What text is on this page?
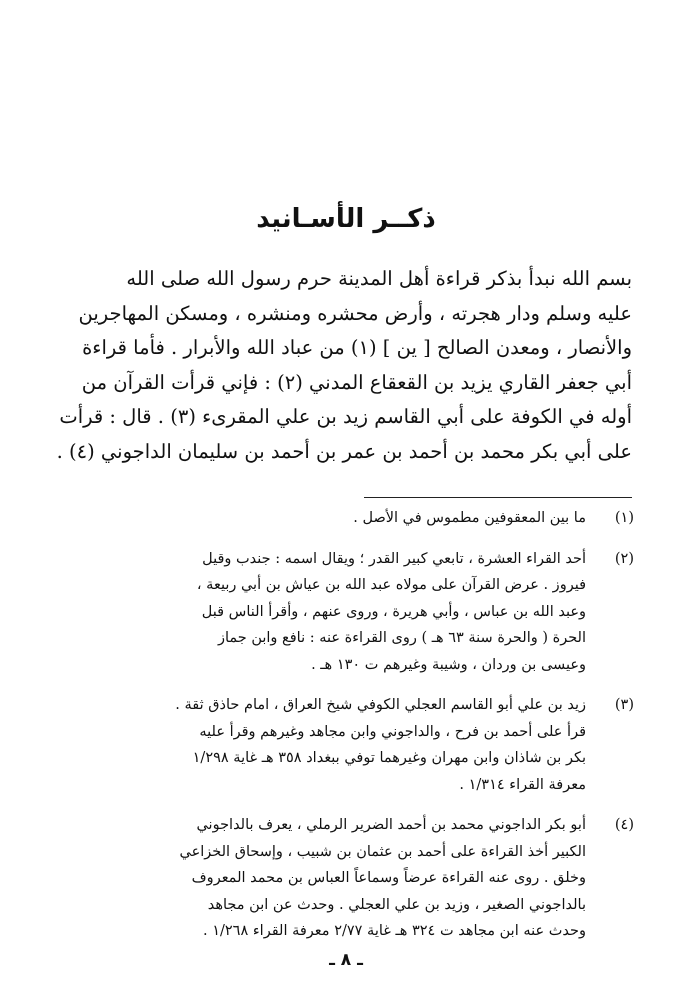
ذكــر الأسـانيد
بسم الله نبدأ بذكر قراءة أهل المدينة حرم رسول الله صلى الله
عليه وسلم ودار هجرته ، وأرض محشره ومنشره ، ومسكن المهاجرين
والأنصار ، ومعدن الصالح [ ين ] (١) من عباد الله والأبرار . فأما قراءة
أبي جعفر القاري يزيد بن القعقاع المدني (٢) : فإني قرأت القرآن من
أوله في الكوفة على أبي القاسم زيد بن علي المقرىء (٣) . قال : قرأت
على أبي بكر محمد بن أحمد بن عمر بن أحمد بن سليمان الداجوني (٤) .
(١)
ما بين المعقوفين مطموس في الأصل .
(٢)
أحد القراء العشرة ، تابعي كبير القدر ؛ ويقال اسمه : جندب وقيل
فيروز . عرض القرآن على مولاه عبد الله بن عياش بن أبي ربيعة ،
وعبد الله بن عباس ، وأبي هريرة ، وروى عنهم ، وأقرأ الناس قبل
الحرة ( والحرة سنة ٦٣ هـ ) روى القراءة عنه : نافع وابن جماز
وعيسى بن وردان ، وشيبة وغيرهم ت ١٣٠ هـ .
(٣)
زيد بن علي أبو القاسم العجلي الكوفي شيخ العراق ، امام حاذق ثقة .
قرأ على أحمد بن فرح ، والداجوني وابن مجاهد وغيرهم وقرأ عليه
بكر بن شاذان وابن مهران وغيرهما توفي ببغداد ٣٥٨ هـ غاية ١/٢٩٨
معرفة القراء ١/٣١٤ .
(٤)
أبو بكر الداجوني محمد بن أحمد الضرير الرملي ، يعرف بالداجوني
الكبير أخذ القراءة على أحمد بن عثمان بن شبيب ، وإسحاق الخزاعي
وخلق . روى عنه القراءة عرضاً وسماعاً العباس بن محمد المعروف
بالداجوني الصغير ، وزيد بن علي العجلي . وحدث عن ابن مجاهد
وحدث عنه ابن مجاهد ت ٣٢٤ هـ غاية ٢/٧٧ معرفة القراء ١/٢٦٨ .
ـ ٨ ـ
